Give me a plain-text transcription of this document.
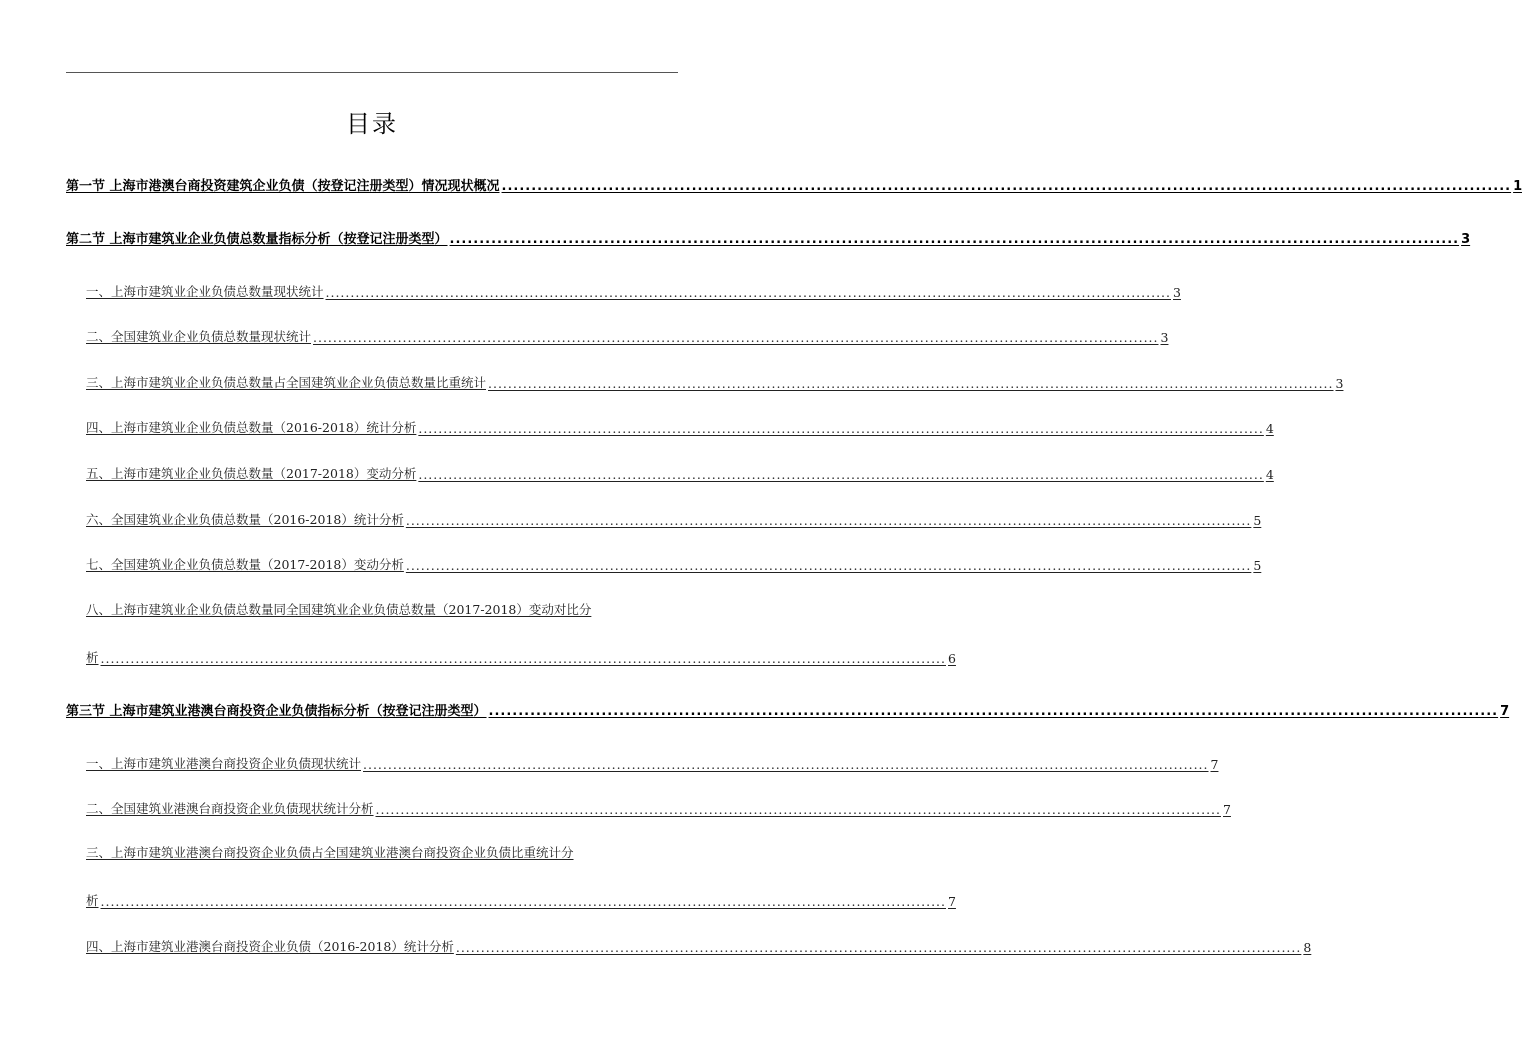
目录
第一节 上海市港澳台商投资建筑企业负债（按登记注册类型）情况现状概况 .......................................................................................................................................................................... 1
第二节 上海市建筑业企业负债总数量指标分析（按登记注册类型） .......................................................................................................................................................................... 3
一、上海市建筑业企业负债总数量现状统计 .......................................................................................................................................................................... 3
二、全国建筑业企业负债总数量现状统计 .......................................................................................................................................................................... 3
三、上海市建筑业企业负债总数量占全国建筑业企业负债总数量比重统计 .......................................................................................................................................................................... 3
四、上海市建筑业企业负债总数量（2016-2018）统计分析 .......................................................................................................................................................................... 4
五、上海市建筑业企业负债总数量（2017-2018）变动分析 .......................................................................................................................................................................... 4
六、全国建筑业企业负债总数量（2016-2018）统计分析 .......................................................................................................................................................................... 5
七、全国建筑业企业负债总数量（2017-2018）变动分析 .......................................................................................................................................................................... 5
八、上海市建筑业企业负债总数量同全国建筑业企业负债总数量（2017-2018）变动对比分
析 .......................................................................................................................................................................... 6
第三节 上海市建筑业港澳台商投资企业负债指标分析（按登记注册类型） .......................................................................................................................................................................... 7
一、上海市建筑业港澳台商投资企业负债现状统计 .......................................................................................................................................................................... 7
二、全国建筑业港澳台商投资企业负债现状统计分析 .......................................................................................................................................................................... 7
三、上海市建筑业港澳台商投资企业负债占全国建筑业港澳台商投资企业负债比重统计分
析 .......................................................................................................................................................................... 7
四、上海市建筑业港澳台商投资企业负债（2016-2018）统计分析 .......................................................................................................................................................................... 8
